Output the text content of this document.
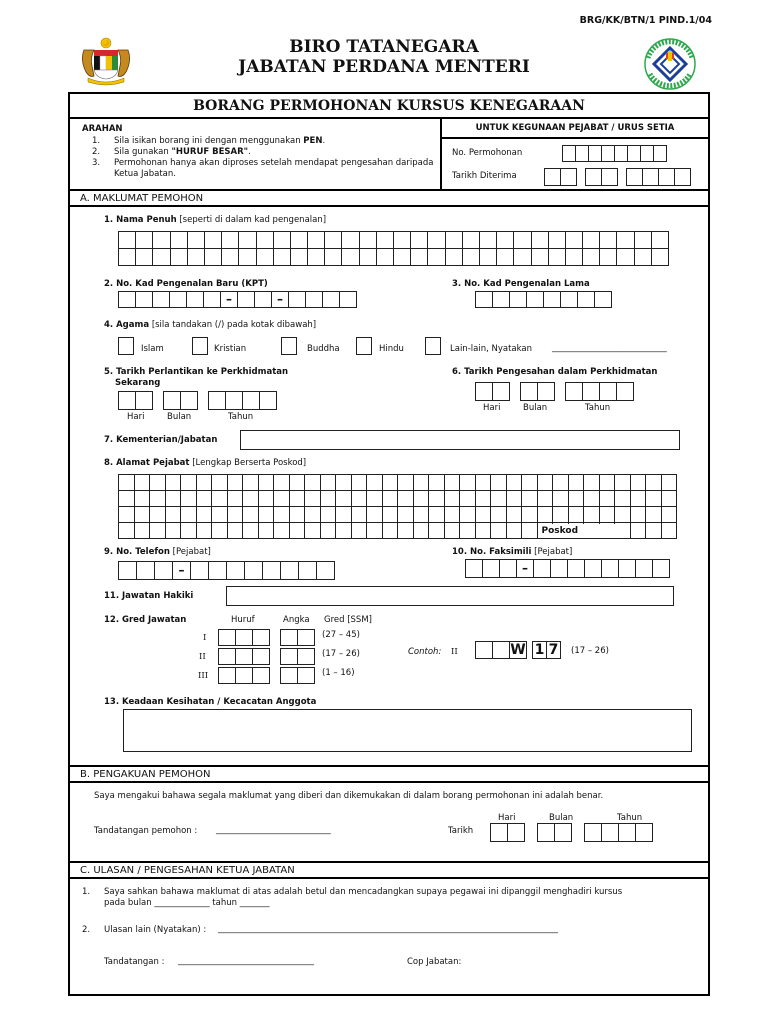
BRG/KK/BTN/1 PIND.1/04
BIRO TATANEGARA
JABATAN PERDANA MENTERI
BORANG PERMOHONAN KURSUS KENEGARAAN
ARAHAN
1.	Sila isikan borang ini dengan menggunakan PEN.
2.	Sila gunakan "HURUF BESAR".
3.	Permohonan hanya akan diproses setelah mendapat pengesahan daripada Ketua Jabatan.
UNTUK KEGUNAAN PEJABAT / URUS SETIA
No. Permohonan
Tarikh Diterima
A. MAKLUMAT PEMOHON
1. Nama Penuh [seperti di dalam kad pengenalan]
2. No. Kad Pengenalan Baru (KPT)
–	–
3. No. Kad Pengenalan Lama
4. Agama [sila tandakan (/) pada kotak dibawah]
Islam	Kristian	Buddha	Hindu	Lain-lain, Nyatakan ___________________________
5. Tarikh Perlantikan ke Perkhidmatan
Sekarang
Hari	Bulan	Tahun
6. Tarikh Pengesahan dalam Perkhidmatan
Hari	Bulan	Tahun
7. Kementerian/Jabatan
8. Alamat Pejabat [Lengkap Berserta Poskod]
Poskod
9. No. Telefon [Pejabat]
–
10. No. Faksimili [Pejabat]
–
11. Jawatan Hakiki
12. Gred Jawatan	Huruf	Angka Gred [SSM]
I	(27 – 45)
II	(17 – 26)
III	(1 – 16)
Contoh: II	W 1 7	(17 – 26)
13. Keadaan Kesihatan / Kecacatan Anggota
B. PENGAKUAN PEMOHON
Saya mengakui bahawa segala maklumat yang diberi dan dikemukakan di dalam borang permohonan ini adalah benar.
Tandatangan pemohon : ___________________________	Tarikh
Hari	Bulan	Tahun
C. ULASAN / PENGESAHAN KETUA JABATAN
1. Saya sahkan bahawa maklumat di atas adalah betul dan mencadangkan supaya pegawai ini dipanggil menghadiri kursus
pada bulan _____________ tahun _______
2. Ulasan lain (Nyatakan) : ________________________________________________________________________________
Tandatangan : ________________________________	Cop Jabatan:
